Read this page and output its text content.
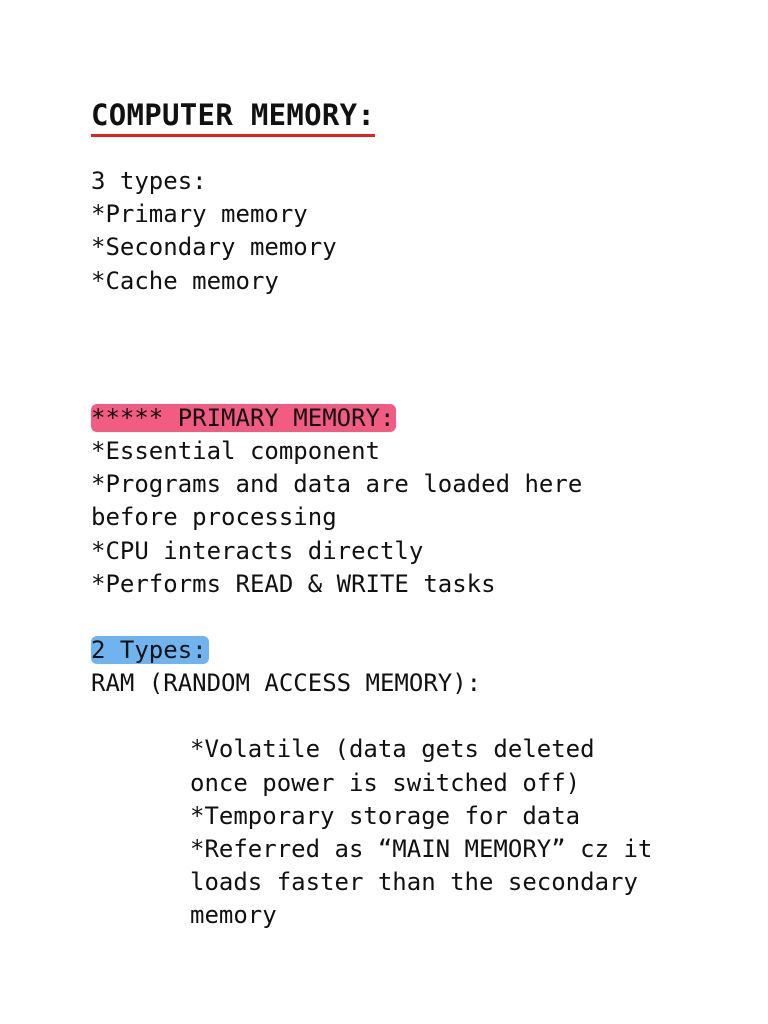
COMPUTER MEMORY:

3 types:

*Primary memory

*Secondary memory

*Cache memory

***** PRIMARY MEMORY:

*Essential component

*Programs and data are loaded here

before processing

*CPU interacts directly

*Performs READ & WRITE tasks

2 Types:

RAM (RANDOM ACCESS MEMORY):

*Volatile (data gets deleted

once power is switched off)

*Temporary storage for data

*Referred as “MAIN MEMORY” cz it

loads faster than the secondary

memory
